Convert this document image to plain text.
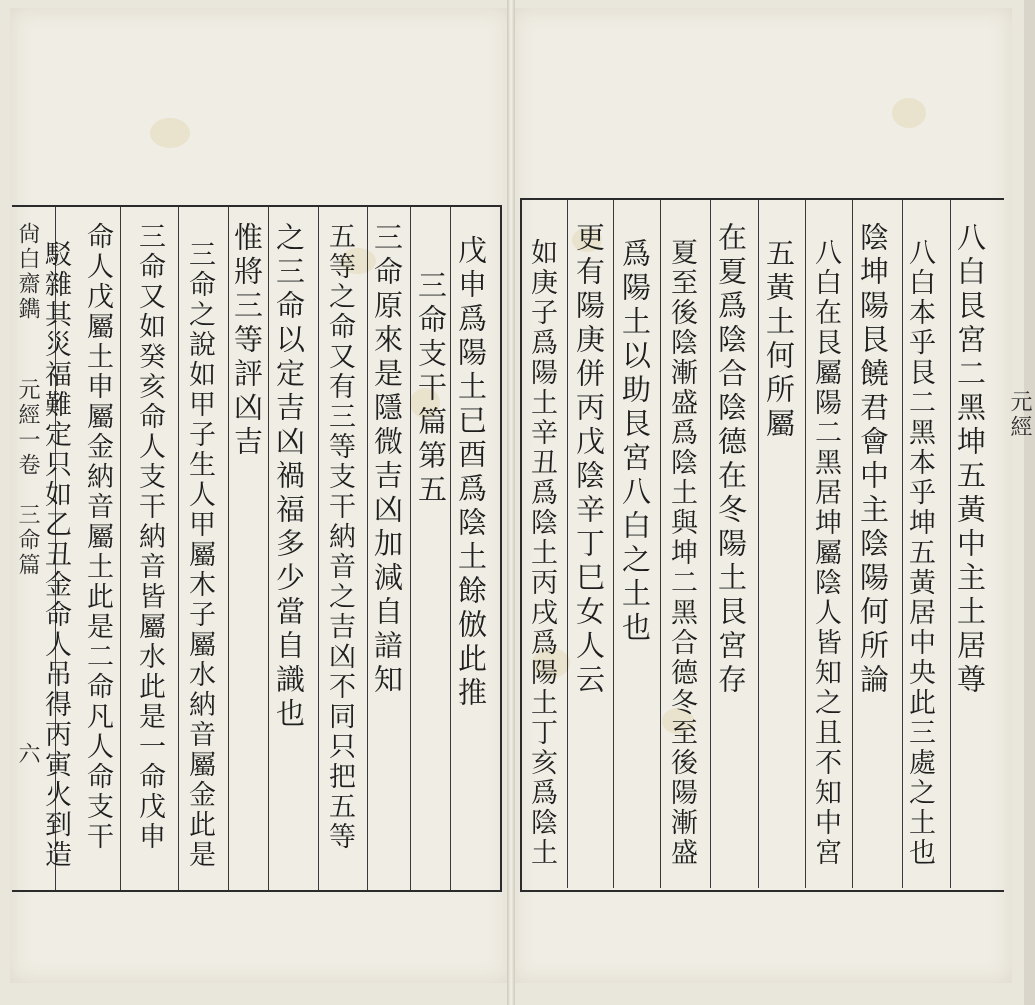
尙白齋鐫
元經一卷　三命篇
六
戊申爲陽土已酉爲陰土餘倣此推
三命支干篇第五
三命原來是隱微吉凶加減自諳知
五等之命又有三等支干納音之吉凶不同只把五等
之三命以定吉凶禍福多少當自識也
惟將三等評凶吉
三命之說如甲子生人甲屬木子屬水納音屬金此是
三命又如癸亥命人支干納音皆屬水此是一命戊申
命人戊屬土申屬金納音屬土此是二命凡人命支干
駁雜其災福難定只如乙丑金命人吊得丙寅火到造	元經
八白艮宮二黑坤五黃中主土居尊
八白本乎艮二黑本乎坤五黃居中央此三處之土也
陰坤陽艮饒君會中主陰陽何所論
八白在艮屬陽二黑居坤屬陰人皆知之且不知中宮
五黃土何所屬
在夏爲陰合陰德在冬陽土艮宮存
夏至後陰漸盛爲陰土與坤二黑合德冬至後陽漸盛
爲陽土以助艮宮八白之土也
更有陽庚併丙戊陰辛丁巳女人云
如庚子爲陽土辛丑爲陰土丙戌爲陽土丁亥爲陰土
